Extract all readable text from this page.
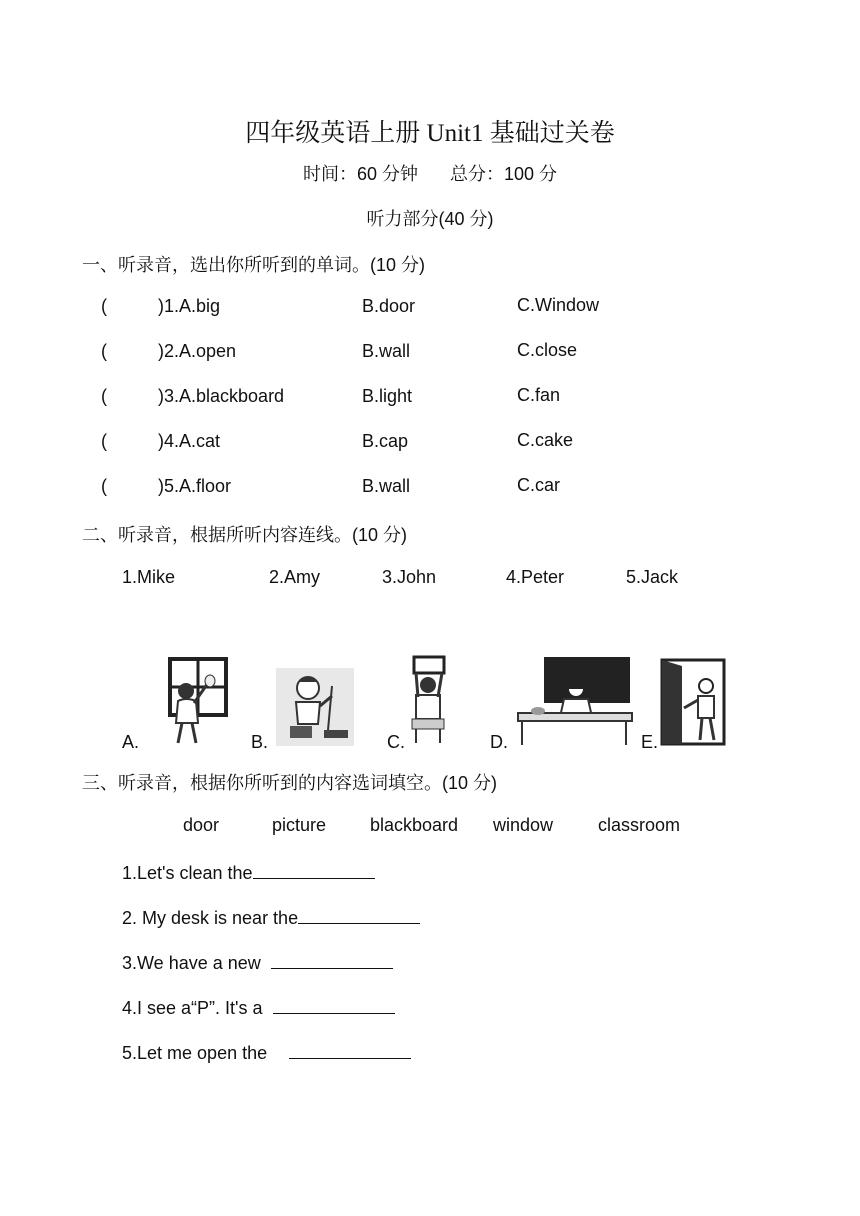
四年级英语上册 Unit1 基础过关卷
时间：60 分钟 总分：100 分
听力部分(40 分)
一、听录音，选出你所听到的单词。(10 分)
(	)1.A.big	B.door	C.Window
(	)2.A.open	B.wall	C.close
(	)3.A.blackboard	B.light	C.fan
(	)4.A.cat	B.cap	C.cake
(	)5.A.floor	B.wall	C.car
二、听录音，根据所听内容连线。(10 分)
1.Mike	2.Amy	3.John	4.Peter	5.Jack
A.	B.	C.	D.	E.
三、听录音，根据你所听到的内容选词填空。(10 分)
door	picture blackboard window classroom
1.Let's clean the
2. My desk is near the
3.We have a new
4.I see a“P”. It's a
5.Let me open the
